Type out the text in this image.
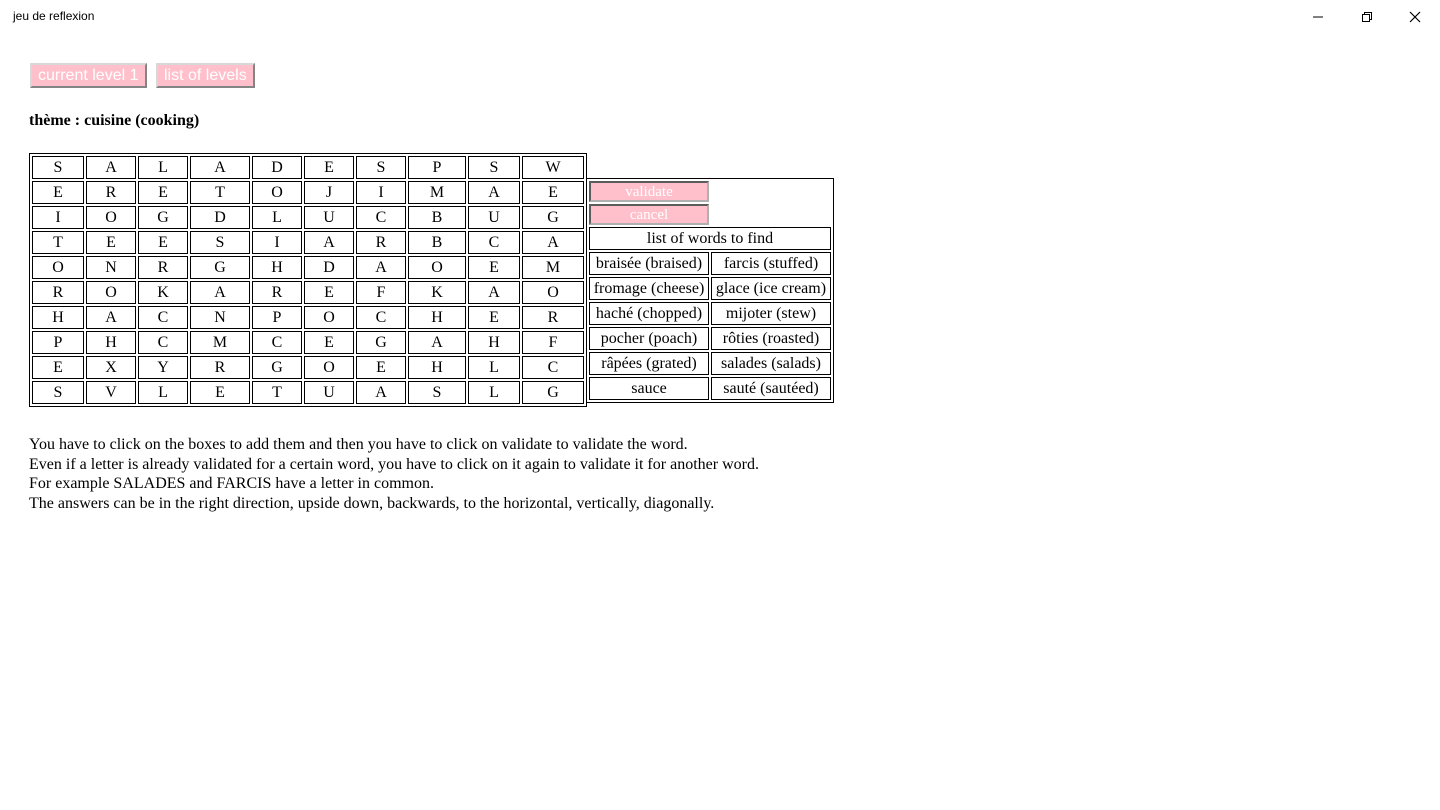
jeu de reflexion
current level 1	list of levels
thème : cuisine (cooking)
S	A	L	A	D	E	S	P	S	W
E	R	E	T	O	J	I	M	A	E
I	O	G	D	L	U	C	B	U	G
T	E	E	S	I	A	R	B	C	A
O	N	R	G	H	D	A	O	E	M
R	O	K	A	R	E	F	K	A	O
H	A	C	N	P	O	C	H	E	R
P	H	C	M	C	E	G	A	H	F
E	X	Y	R	G	O	E	H	L	C
S	V	L	E	T	U	A	S	L	G
validate	

cancel	

list of words to find	
braisée (braised)	farcis (stuffed)
fromage (cheese)	glace (ice cream)
haché (chopped)	mijoter (stew)
pocher (poach)	rôties (roasted)
râpées (grated)	salades (salads)
sauce	sauté (sautéed)
You have to click on the boxes to add them and then you have to click on validate to validate the word.
Even if a letter is already validated for a certain word, you have to click on it again to validate it for another word.
For example SALADES and FARCIS have a letter in common.
The answers can be in the right direction, upside down, backwards, to the horizontal, vertically, diagonally.
